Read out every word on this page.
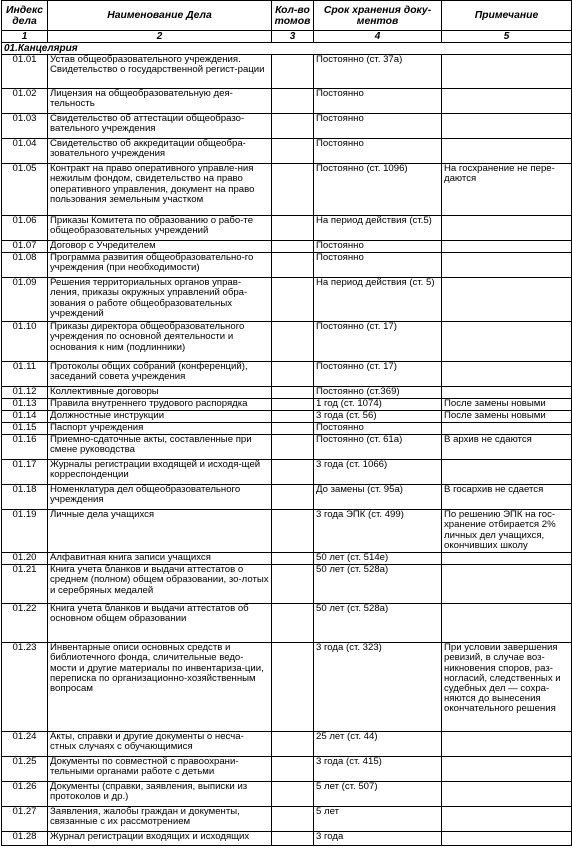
Индекс дела	Наименование Дела	Кол-во томов	Срок хранения доку-ментов	Примечание
1	2	3	4	5
01.Канцелярия				
01.01	Устав общеобразовательного учреждения. Свидетельство о государственной регист-рации		Постоянно (ст. 37а)	
01.02	Лицензия на общеобразовательную дея-тельность		Постоянно	
01.03	Свидетельство об аттестации общеобразо-вательного учреждения		Постоянно	
01.04	Свидетельство об аккредитации общеобра-зовательного учреждения		Постоянно	
01.05	Контракт на право оперативного управле-ния нежилым фондом, свидетельство на право оперативного управления, документ на право пользования земельным участком		Постоянно (ст. 1096)	На госхранение не пере-даются
01.06	Приказы Комитета по образованию о рабо-те общеобразовательных учреждений		На период действия (ст.5)	
01.07	Договор с Учредителем		Постоянно	
01.08	Программа развития общеобразовательно-го учреждения (при необходимости)		Постоянно	
01.09	Решения территориальных органов управ-ления, приказы окружных управлений обра-зования о работе общеобразовательных учреждений		На период действия (ст. 5)	
01.10	Приказы директора общеобразовательного учреждения по основной деятельности и основания к ним (подлинники)		Постоянно (ст. 17)	
01.11	Протоколы общих собраний (конференций), заседаний совета учреждения		Постоянно (ст. 17)	
01.12	Коллективные договоры		Постоянно (ст.369)	
01.13	Правила внутреннего трудового распорядка		1 год (ст. 1074)	После замены новыми
01.14	Должностные инструкции		3 года (ст. 56)	После замены новыми
01.15	Паспорт учреждения		Постоянно	
01.16	Приемно-сдаточные акты, составленные при смене руководства		Постоянно (ст. 61а)	В архив не сдаются
01.17	Журналы регистрации входящей и исходя-щей корреспонденции		3 года (ст. 1066)	
01.18	Номенклатура дел общеобразовательного учреждения		До замены (ст. 95а)	В госархив не сдается
01.19	Личные дела учащихся		3 года ЭПК (ст. 499)	По решению ЭПК на гос-хранение отбирается 2% личных дел учащихся, окончивших школу
01.20	Алфавитная книга записи учащихся		50 лет (ст. 514е)	
01.21	Книга учета бланков и выдачи аттестатов о среднем (полном) общем образовании, зо-лотых и серебряных медалей		50 лет (ст. 528а)	
01.22	Книга учета бланков и выдачи аттестатов об основном общем образовании		50 лет (ст. 528а)	
01.23	Инвентарные описи основных средств и библиотечного фонда, сличительные ведо-мости и другие материалы по инвентариза-ции, переписка по организационно-хозяйственным вопросам		3 года (ст. 323)	При условии завершения ревизий, в случае воз-никновения споров, раз-ногласий, следственных и судебных дел — сохра-няются до вынесения окончательного решения
01.24	Акты, справки и другие документы о несча-стных случаях с обучающимися		25 лет (ст. 44)	
01.25	Документы по совместной с правоохрани-тельными органами работе с детьми		3 года (ст. 415)	
01.26	Документы (справки, заявления, выписки из протоколов и др.)		5 лет (ст. 507)	
01.27	Заявления, жалобы граждан и документы, связанные с их рассмотрением		5 лет	
01.28	Журнал регистрации входящих и исходящих		3 года	
